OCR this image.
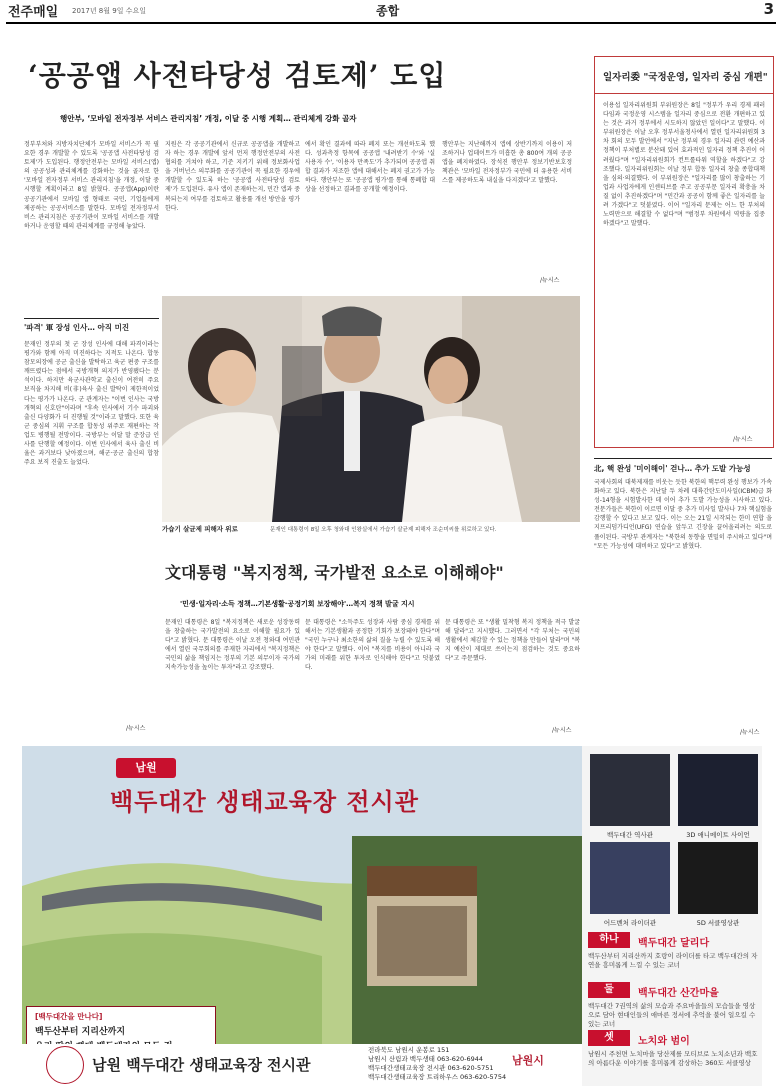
전주매일 2017년 8월 9일 수요일	종합	3
‘공공앱 사전타당성 검토제’ 도입
행안부, ‘모바일 전자정부 서비스 관리지침’ 개정, 이달 중 시행 계획… 관리체계 강화 골자
정부부처와 지방자치단체가 모바일 서비스가 꼭 필요한 경우 개발할 수 있도록 '공공앱 사전타당성 검토제'가 도입된다. 행정안전부는 모바일 서비스(앱)의 공공성과 관리체계를 강화하는 것을 골자로 한 '모바일 전자정부 서비스 관리지침'을 개정, 이달 중 시행할 계획이라고 8일 밝혔다. 공공앱(App)이란 공공기관에서 모바일 앱 형태로 국민, 기업들에게 제공하는 공공서비스를 말한다. 모바일 전자정부서비스 관리지침은 공공기관이 모바일 서비스를 개발하거나 운영할 때의 관리체계를 규정해 놓았다.
지원은 각 공공기관에서 신규로 공공앱을 개발하고자 하는 경우 개발에 앞서 먼저 행정안전부의 사전협의를 거쳐야 하고, 기준 지키기 위해 정보화사업을 거버넌스 의무화를 공공기관이 꼭 필요한 경우에 개발할 수 있도록 하는 '공공앱 사전타당성 검토제'가 도입된다. 유사 앱이 존재하는지, 민간 앱과 중복되는지 여부를 검토하고 활용률 개선 방안을 평가한다.
에서 확인 결과에 따라 폐지 또는 개선하도록 했다. 성과측정 항목에 공공앱 '내려받기 수'와 '실 사용자 수', '이용자 만족도'가 추가되며 공공앱 취합 결과가 저조한 앱에 대해서는 폐지 권고가 가능하다. 행안부는 또 '공공앱 평가'를 통해 통폐합 대상을 선정하고 결과를 공개할 예정이다.
행안부는 지난해까지 앱에 상반기까지 이용이 저조하거나 업데이트가 미흡한 총 800여 개의 공공앱을 폐지하였다. 장석진 행안부 정보기반보호정책관은 '모바일 전자정부가 국민에 더 유용한 서비스를 제공하도록 내실을 다지겠다'고 말했다.
/뉴시스
일자리委 "국정운영, 일자리 중심 개편"
이용섭 일자리위원회 부위원장은 8일 "정부가 우리 경제 패러다임과 국정운영 시스템을 일자리 중심으로 전환 개편하고 있는 것은 과거 정부에서 시도하지 않았던 일이다"고 말했다. 이 부위원장은 이날 오후 정부서울청사에서 열린 일자리위원회 3차 회의 모두 발언에서 "지난 정부의 경우 일자리 관련 예산과 정책이 부처별로 분산돼 있어 효과적인 일자리 정책 추진이 어려웠다"며 "일자리위원회가 컨트롤타워 역할을 하겠다"고 강조했다. 일자리위원회는 이날 정부 합동 일자리 창출 종합대책을 심의·의결했다. 이 부위원장은 "일자리를 많이 창출하는 기업과 사업자에게 인센티브를 주고 공공부문 일자리 확충을 차질 없이 추진하겠다"며 "민간과 공공이 함께 좋은 일자리를 늘려 가겠다"고 덧붙였다. 이어 "일자리 문제는 어느 한 부처의 노력만으로 해결할 수 없다"며 "범정부 차원에서 역량을 집중하겠다"고 말했다.
/뉴시스
北, 핵 완성 '미이해이' 걷나… 추가 도발 가능성
국제사회의 대북제재를 비웃는 듯한 북한의 핵무력 완성 행보가 가속화하고 있다. 북한은 지난달 두 차례 대륙간탄도미사일(ICBM)급 화성-14형을 시험발사한 데 이어 추가 도발 가능성을 시사하고 있다. 전문가들은 북한이 이르면 이달 중 추가 미사일 발사나 7차 핵실험을 감행할 수 있다고 보고 있다. 이는 오는 21일 시작되는 한미 연합 을지프리덤가디언(UFG) 연습을 앞두고 긴장을 끌어올리려는 의도로 풀이된다. 국방부 관계자는 "북한의 동향을 면밀히 주시하고 있다"며 "모든 가능성에 대비하고 있다"고 밝혔다.
/뉴시스
'파격' 軍 장성 인사… 아직 미진
문재인 정부의 첫 군 장성 인사에 대해 파격이라는 평가와 함께 아직 미진하다는 지적도 나온다. 합동참모의장에 공군 출신을 발탁하고 육군 편중 구조를 깨뜨렸다는 점에서 국방개혁 의지가 반영됐다는 분석이다. 하지만 육군사관학교 출신이 여전히 주요 보직을 차지해 비(非)육사 출신 발탁이 제한적이었다는 평가가 나온다. 군 관계자는 "이번 인사는 국방개혁의 신호탄"이라며 "후속 인사에서 기수 파괴와 출신 다양화가 더 진행될 것"이라고 말했다. 또한 육군 중심의 지휘 구조를 합동성 위주로 재편하는 작업도 병행될 전망이다. 국방부는 이달 말 준장급 인사를 단행할 예정이다. 이번 인사에서 육사 출신 비율은 과거보다 낮아졌으며, 해군·공군 출신의 합참 주요 보직 진출도 늘었다.
/뉴시스
가습기 살균제 피해자 위로	문재인 대통령이 8일 오후 청와대 인왕실에서 가습기 살균제 피해자 조순미씨를 위로하고 있다.
文대통령 "복지정책, 국가발전 요소로 이해해야"
'민생·일자리·소득 정책…기본생활·공정기회 보장해야'…복지 정책 발굴 지시
문재인 대통령은 8일 "복지정책은 새로운 성장동력을 창출하는 국가발전의 요소로 이해할 필요가 있다"고 밝혔다. 문 대통령은 이날 오전 청와대 여민관에서 열린 국무회의를 주재한 자리에서 "복지정책은 국민의 삶을 책임지는 정부의 기본 의무이자 국가의 지속가능성을 높이는 투자"라고 강조했다.
문 대통령은 "소득주도 성장과 사람 중심 경제를 위해서는 기본생활과 공정한 기회가 보장돼야 한다"며 "국민 누구나 최소한의 삶의 질을 누릴 수 있도록 해야 한다"고 말했다. 이어 "복지를 비용이 아니라 국가의 미래를 위한 투자로 인식해야 한다"고 덧붙였다.
문 대통령은 또 "생활 밀착형 복지 정책을 적극 발굴해 달라"고 지시했다. 그러면서 "각 부처는 국민의 생활에서 체감할 수 있는 정책을 만들어 달라"며 "복지 예산이 제대로 쓰이는지 점검하는 것도 중요하다"고 주문했다.
/뉴시스
남원
백두대간 생태교육장 전시관
[백두대간을 만나다]
백두산부터 지리산까지
백두대간 역사관	3D 애니메이트 사이언
어드벤처 라이더관	5D 서클영상관
하나	백두대간 달리다
백두산부터 지리산까지 호랑이 라이더를 타고 백두대간의 자연을 흥미롭게 느낄 수 있는 코너
둘	백두대간 산간마을
백두대간 7권역의 삶의 모습과 주요마을들의 모습들을 영상으로 담아 현대인들의 애마른 정서에 추억을 불어 일으킬 수 있는 코너
셋	노치와 범이
남원시 주천면 노치마을 당산제를 모티브로 노치소년과 백호의 아름다운 이야기를 흥미롭게 감상하는 360도 서클영상
남원 백두대간 생태교육장 전시관
전라북도 남원시 운봉로 151
남원시 산림과 백두생태 063-620-6944
백두대간생태교육장 전시관 063-620-5751
백두대간생태교육장 트리하우스 063-620-5754
남원시
